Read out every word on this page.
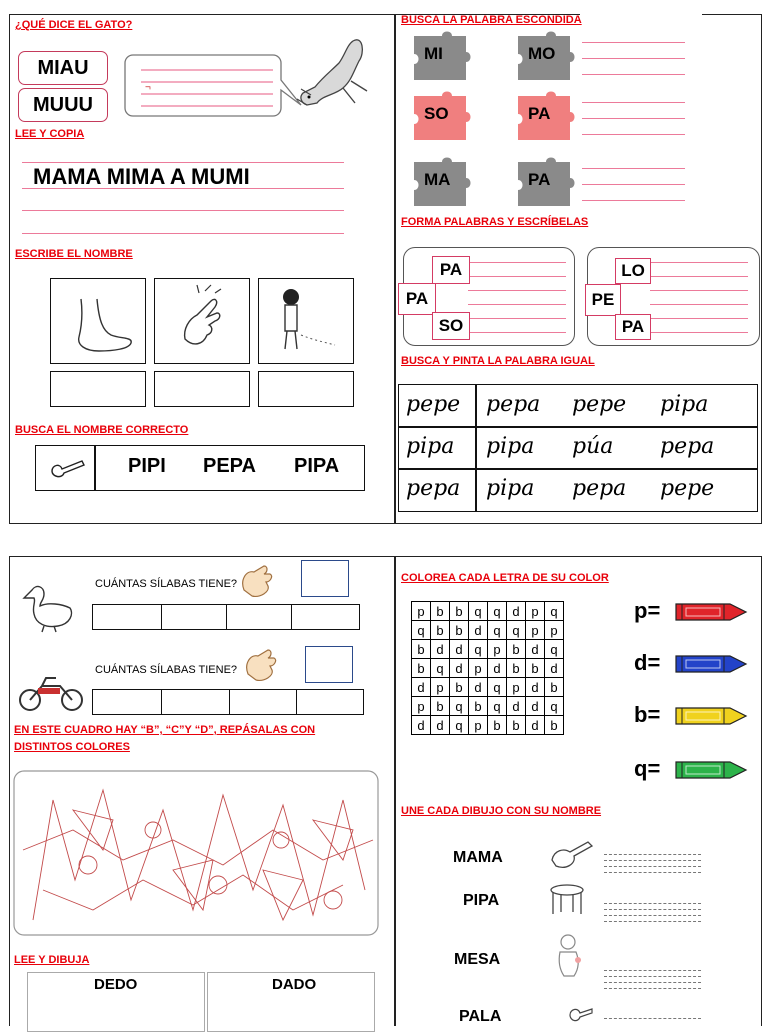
¿QUÉ DICE EL GATO?
MIAU
MUUU
¬
LEE Y COPIA
MAMA MIMA A MUMI
ESCRIBE EL NOMBRE
BUSCA EL NOMBRE CORRECTO
PIPI PEPA PIPA
BUSCA LA PALABRA ESCONDIDA
MI	MO
SO	PA
MA	PA
FORMA PALABRAS Y ESCRÍBELAS
PA
PA
SO
LO
PE
PA
BUSCA Y PINTA LA PALABRA IGUAL
pepe pepa pepe pipa
pipa pipa púa pepa
pepa pipa pepa pepe
CUÁNTAS SÍLABAS TIENE?
CUÁNTAS SÍLABAS TIENE?
EN ESTE CUADRO HAY “B”, “C”Y “D”, REPÁSALAS CON
DISTINTOS COLORES
LEE Y DIBUJA
DEDO	DADO
COLOREA CADA LETRA DE SU COLOR
p	b	b	q	q	d	p	q
q	b	b	d	q	q	p	p
b	d	d	q	p	b	d	q
b	q	d	p	d	b	b	d
d	p	b	d	q	p	d	b
p	b	q	b	q	d	d	q
d	d	q	p	b	b	d	b
p=
d=
b=
q=
UNE CADA DIBUJO CON SU NOMBRE
MAMA
PIPA
MESA
PALA
